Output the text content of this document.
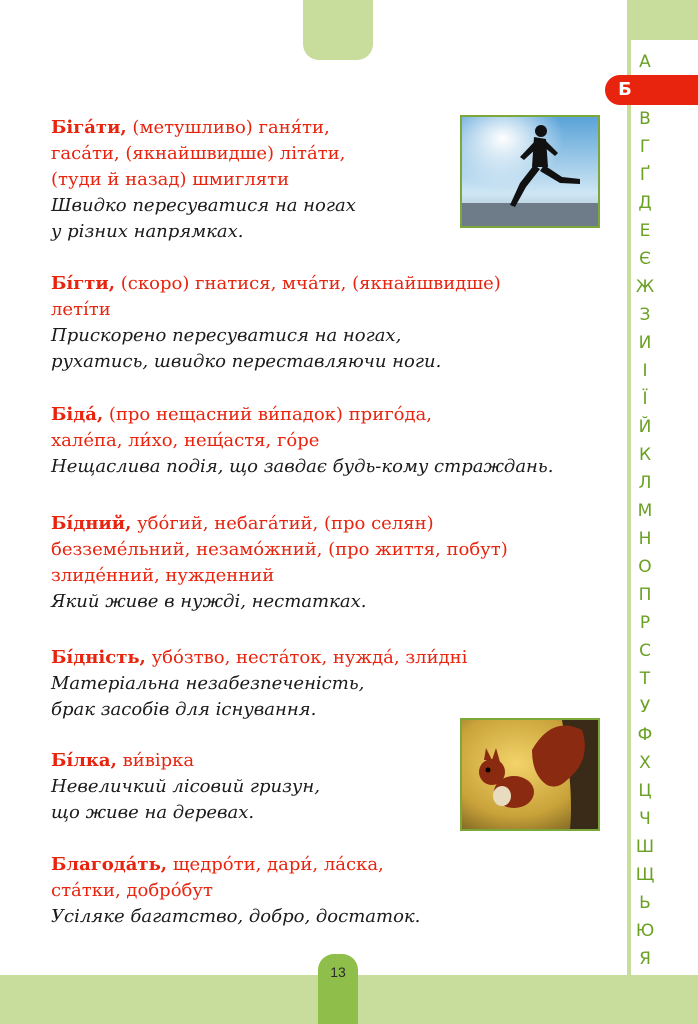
13
Б
А
В
Г
Ґ
Д
Е
Є
Ж
З
И
І
Ї
Й
К
Л
М
Н
О
П
Р
С
Т
У
Ф
Х
Ц
Ч
Ш
Щ
Ь
Ю
Я
Біга́ти, (метушливо) ганя́ти,
гаса́ти, (якнайшвидше) літа́ти,
(туди й назад) шмигляти
Швидко пересуватися на ногах
у різних напрямках.
Бі́гти, (скоро) гнатися, мча́ти, (якнайшвидше)
леті́ти
Прискорено пересуватися на ногах,
рухатись, швидко переставляючи ноги.
Біда́, (про нещасний ви́падок) приго́да,
хале́па, ли́хо, нещ́астя, го́ре
Нещаслива подія, що завдає будь-кому страждань.
Бі́дний, убо́гий, небага́тий, (про селян)
безземе́льний, незамо́жний, (про життя, побут)
злиде́нний, нужденний
Який живе в нужді, нестатках.
Бі́дність, убо́зтво, неста́ток, нужда́, зли́дні
Матеріальна незабезпеченість,
брак засобів для існування.
Бі́лка, ви́вірка
Невеличкий лісовий гризун,
що живе на деревах.
Благода́ть, щедро́ти, дари́, ла́ска,
ста́тки, добро́бут
Усіляке багатство, добро, достаток.
